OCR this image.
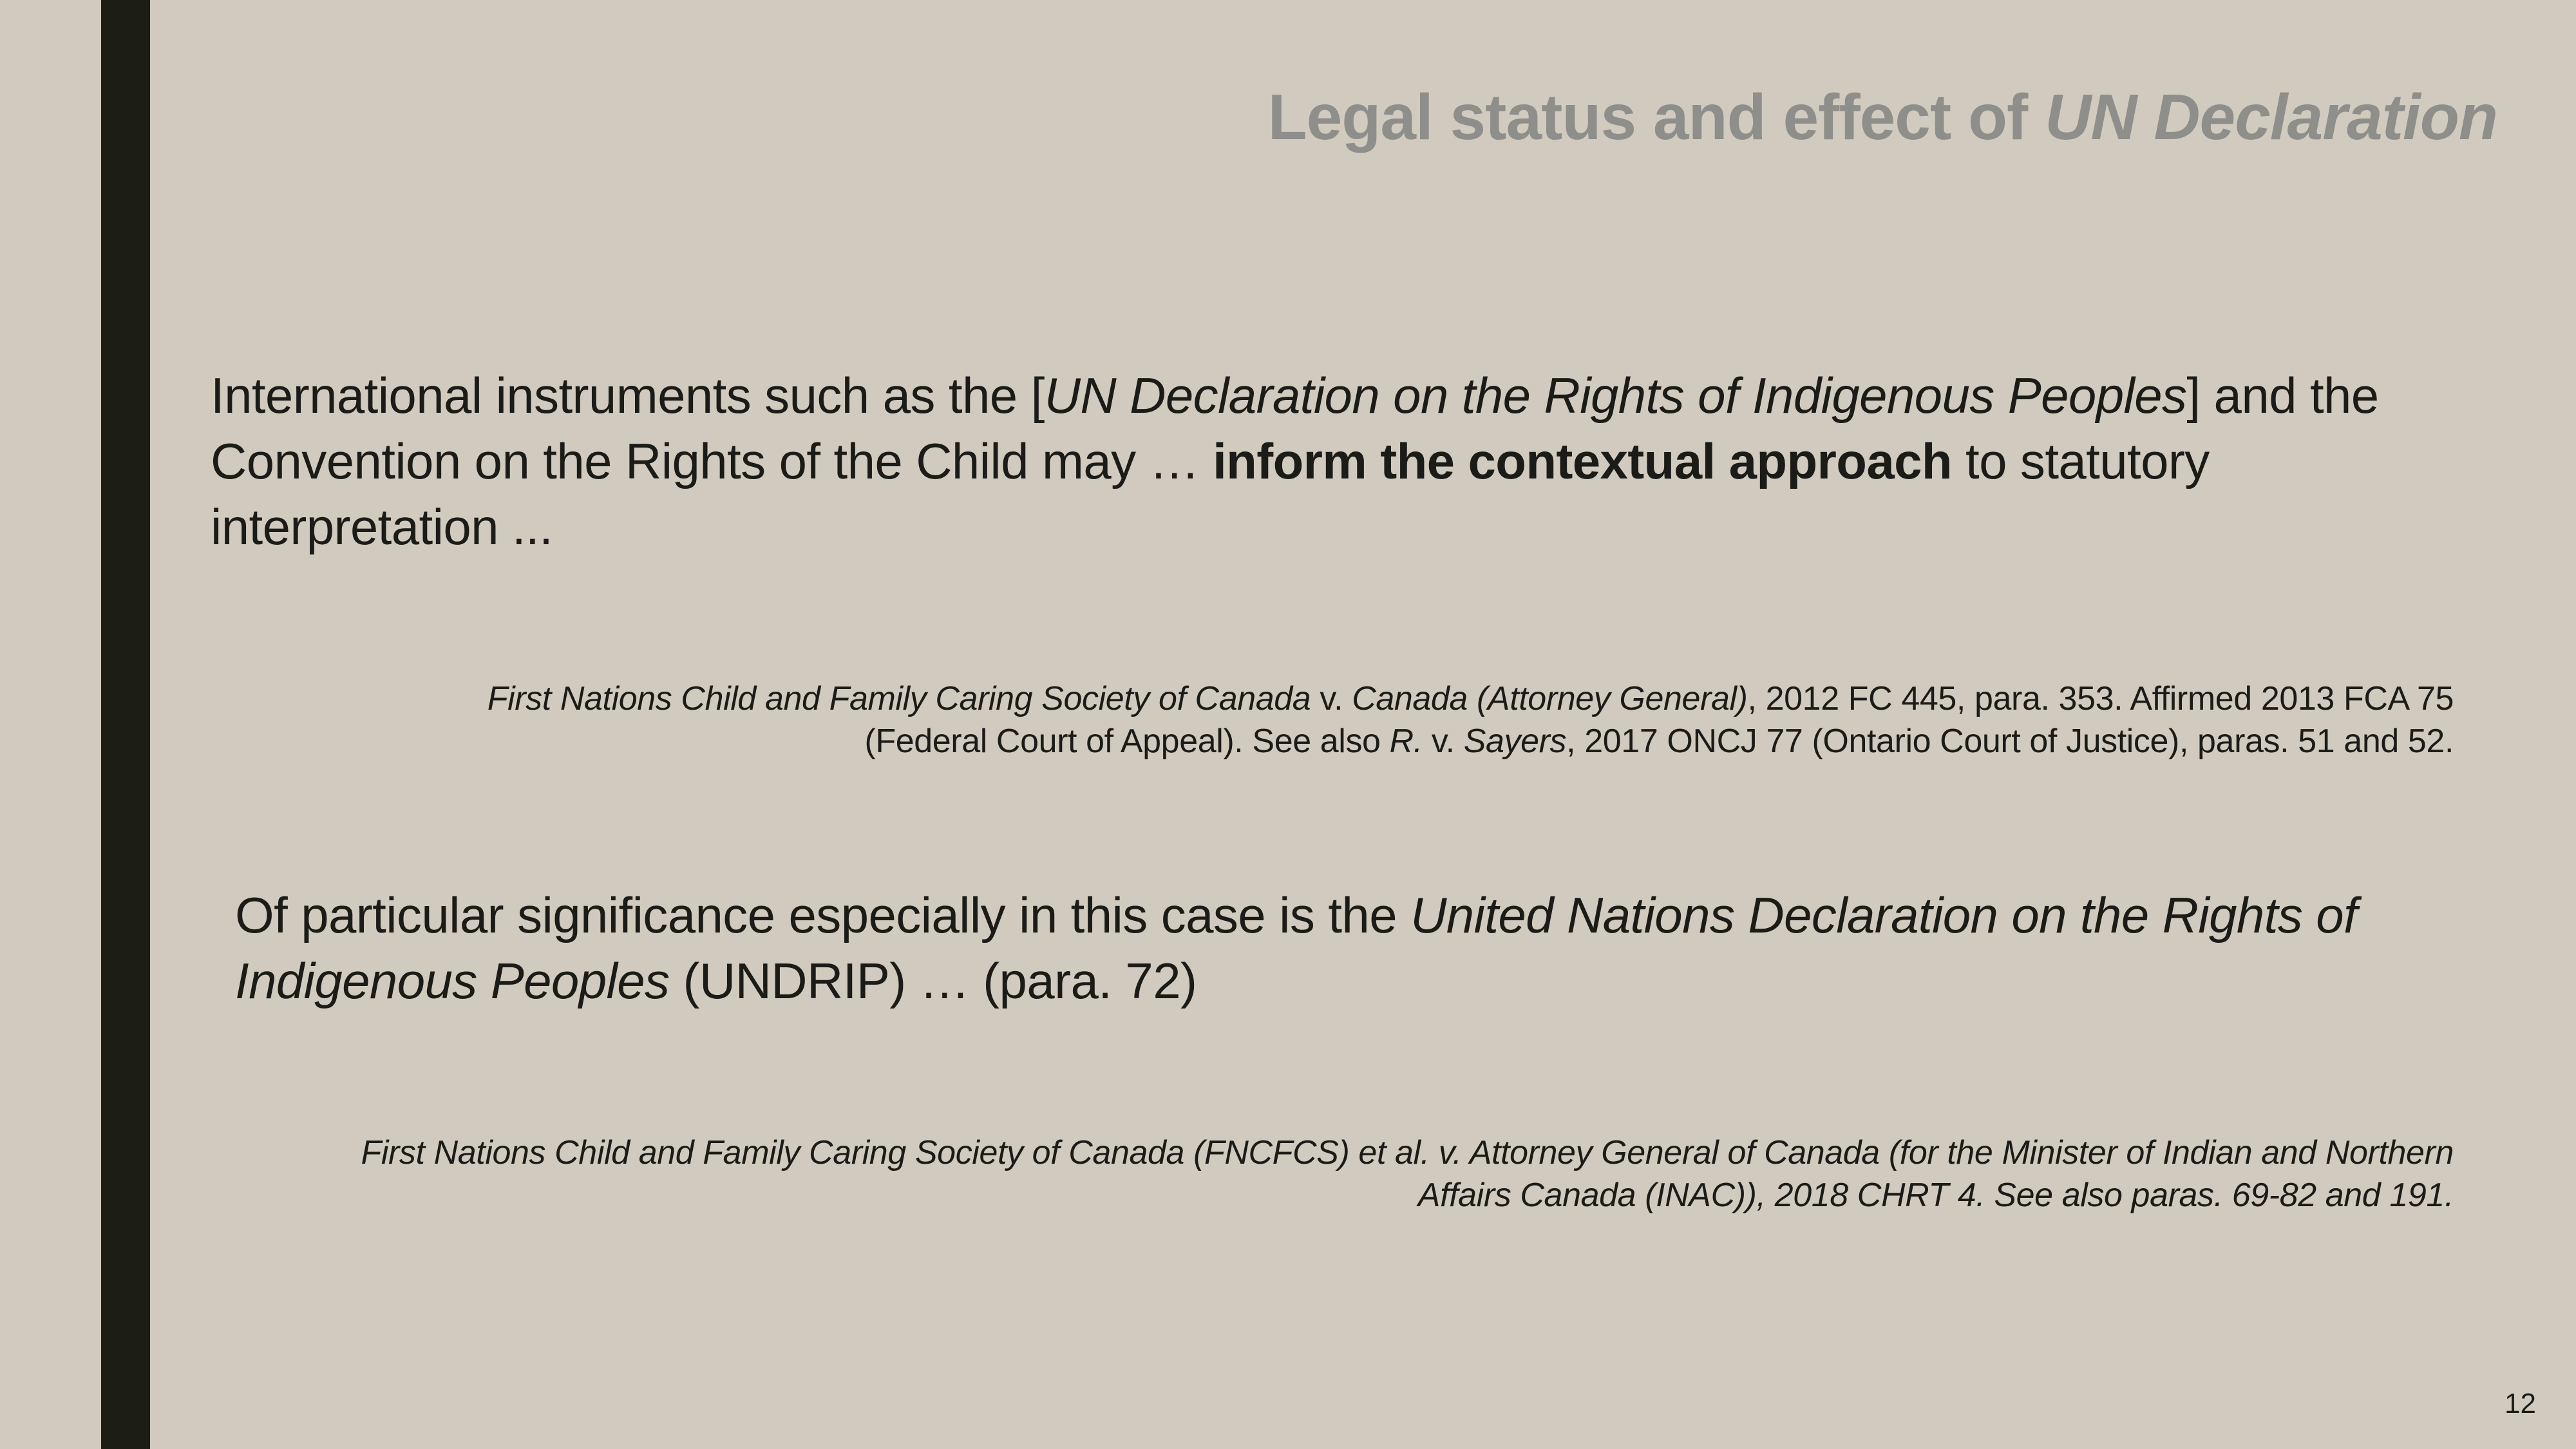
Legal status and effect of UN Declaration

International instruments such as the [UN Declaration on the Rights of Indigenous Peoples] and the Convention on the Rights of the Child may … inform the contextual approach to statutory interpretation ...

First Nations Child and Family Caring Society of Canada v. Canada (Attorney General), 2012 FC 445, para. 353. Affirmed 2013 FCA 75
(Federal Court of Appeal). See also R. v. Sayers, 2017 ONCJ 77 (Ontario Court of Justice), paras. 51 and 52.

Of particular significance especially in this case is the United Nations Declaration on the Rights of Indigenous Peoples (UNDRIP) … (para. 72)

First Nations Child and Family Caring Society of Canada (FNCFCS) et al. v. Attorney General of Canada (for the Minister of Indian and Northern
Affairs Canada (INAC)), 2018 CHRT 4. See also paras. 69-82 and 191.

12
